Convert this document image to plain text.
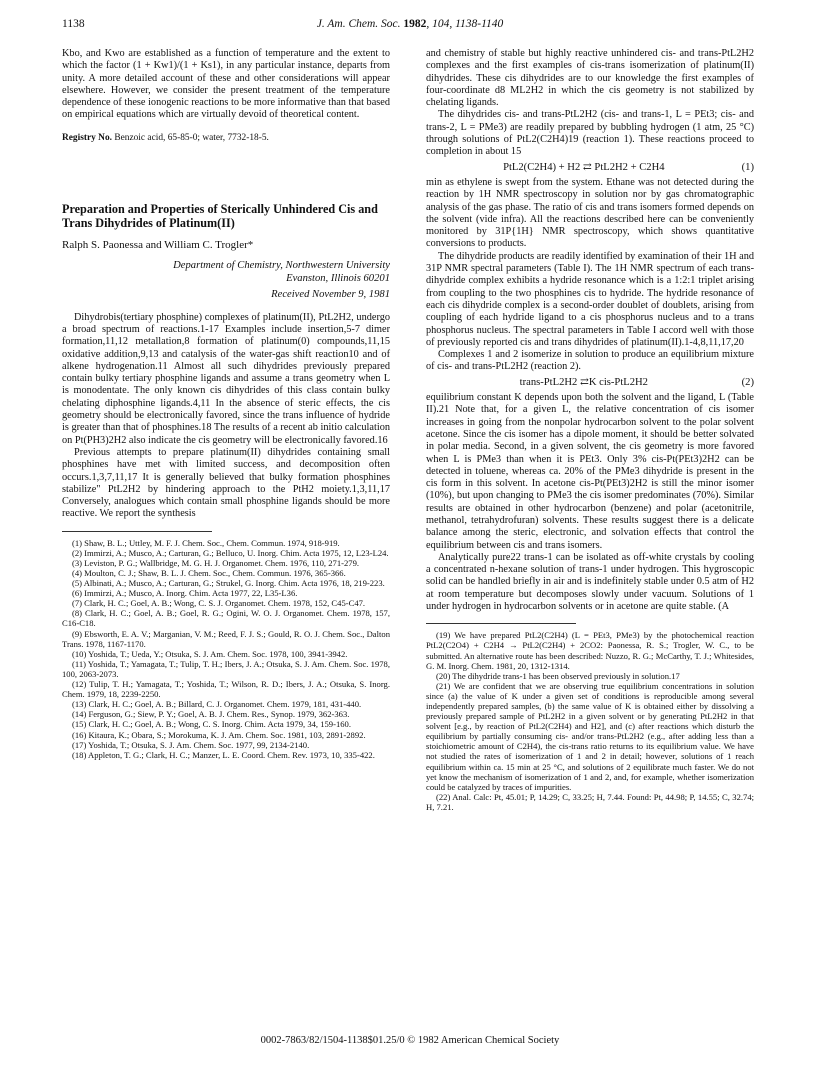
1138	J. Am. Chem. Soc. 1982, 104, 1138-1140

Kbo, and Kwo are established as a function of temperature and the extent to which the factor (1 + Kw1)/(1 + Ks1), in any particular instance, departs from unity. A more detailed account of these and other considerations will appear elsewhere. However, we consider the present treatment of the temperature dependence of these ionogenic reactions to be more informative than that based on empirical equations which are virtually devoid of theoretical content.

Registry No. Benzoic acid, 65-85-0; water, 7732-18-5.

Preparation and Properties of Sterically Unhindered Cis and Trans Dihydrides of Platinum(II)
Ralph S. Paonessa and William C. Trogler*
Department of Chemistry, Northwestern University
Evanston, Illinois 60201
Received November 9, 1981

Dihydrobis(tertiary phosphine) complexes of platinum(II), PtL2H2, undergo a broad spectrum of reactions.1-17 Examples include insertion,5-7 dimer formation,11,12 metallation,8 formation of platinum(0) compounds,11,15 oxidative addition,9,13 and catalysis of the water-gas shift reaction10 and of alkene hydrogenation.11 Almost all such dihydrides previously prepared contain bulky tertiary phosphine ligands and assume a trans geometry when L is monodentate. The only known cis dihydrides of this class contain bulky chelating diphosphine ligands.4,11 In the absence of steric effects, the cis geometry should be electronically favored, since the trans influence of hydride is greater than that of phosphines.18 The results of a recent ab initio calculation on Pt(PH3)2H2 also indicate the cis geometry will be electronically favored.16

Previous attempts to prepare platinum(II) dihydrides containing small phosphines have met with limited success, and decomposition often occurs.1,3,7,11,17 It is generally believed that bulky formation phosphines stabilize" PtL2H2 by hindering approach to the PtH2 moiety.1,3,11,17 Conversely, analogues which contain small phosphine ligands should be more reactive. We report the synthesis

(1) Shaw, B. L.; Uttley, M. F. J. Chem. Soc., Chem. Commun. 1974, 918-919.
(2) Immirzi, A.; Musco, A.; Carturan, G.; Belluco, U. Inorg. Chim. Acta 1975, 12, L23-L24.
(3) Leviston, P. G.; Wallbridge, M. G. H. J. Organomet. Chem. 1976, 110, 271-279.
(4) Moulton, C. J.; Shaw, B. L. J. Chem. Soc., Chem. Commun. 1976, 365-366.
(5) Albinati, A.; Musco, A.; Carturan, G.; Strukel, G. Inorg. Chim. Acta 1976, 18, 219-223.
(6) Immirzi, A.; Musco, A. Inorg. Chim. Acta 1977, 22, L35-L36.
(7) Clark, H. C.; Goel, A. B.; Wong, C. S. J. Organomet. Chem. 1978, 152, C45-C47.
(8) Clark, H. C.; Goel, A. B.; Goel, R. G.; Ogini, W. O. J. Organomet. Chem. 1978, 157, C16-C18.
(9) Ebsworth, E. A. V.; Marganian, V. M.; Reed, F. J. S.; Gould, R. O. J. Chem. Soc., Dalton Trans. 1978, 1167-1170.
(10) Yoshida, T.; Ueda, Y.; Otsuka, S. J. Am. Chem. Soc. 1978, 100, 3941-3942.
(11) Yoshida, T.; Yamagata, T.; Tulip, T. H.; Ibers, J. A.; Otsuka, S. J. Am. Chem. Soc. 1978, 100, 2063-2073.
(12) Tulip, T. H.; Yamagata, T.; Yoshida, T.; Wilson, R. D.; Ibers, J. A.; Otsuka, S. Inorg. Chem. 1979, 18, 2239-2250.
(13) Clark, H. C.; Goel, A. B.; Billard, C. J. Organomet. Chem. 1979, 181, 431-440.
(14) Ferguson, G.; Siew, P. Y.; Goel, A. B. J. Chem. Res., Synop. 1979, 362-363.
(15) Clark, H. C.; Goel, A. B.; Wong, C. S. Inorg. Chim. Acta 1979, 34, 159-160.
(16) Kitaura, K.; Obara, S.; Morokuma, K. J. Am. Chem. Soc. 1981, 103, 2891-2892.
(17) Yoshida, T.; Otsuka, S. J. Am. Chem. Soc. 1977, 99, 2134-2140.
(18) Appleton, T. G.; Clark, H. C.; Manzer, L. E. Coord. Chem. Rev. 1973, 10, 335-422.

and chemistry of stable but highly reactive unhindered cis- and trans-PtL2H2 complexes and the first examples of cis-trans isomerization of platinum(II) dihydrides. These cis dihydrides are to our knowledge the first examples of four-coordinate d8 ML2H2 in which the cis geometry is not stabilized by chelating ligands.

The dihydrides cis- and trans-PtL2H2 (cis- and trans-1, L = PEt3; cis- and trans-2, L = PMe3) are readily prepared by bubbling hydrogen (1 atm, 25 °C) through solutions of PtL2(C2H4)19 (reaction 1). These reactions proceed to completion in about 15

PtL2(C2H4) + H2 ⇄ PtL2H2 + C2H4	(1)

min as ethylene is swept from the system. Ethane was not detected during the reaction by 1H NMR spectroscopy in solution nor by gas chromatographic analysis of the gas phase. The ratio of cis and trans isomers formed depends on the solvent (vide infra). All the reactions described here can be conveniently monitored by 31P{1H} NMR spectroscopy, which shows quantitative conversions to products.

The dihydride products are readily identified by examination of their 1H and 31P NMR spectral parameters (Table I). The 1H NMR spectrum of each trans-dihydride complex exhibits a hydride resonance which is a 1:2:1 triplet arising from coupling to the two phosphines cis to hydride. The hydride resonance of each cis dihydride complex is a second-order doublet of doublets, arising from coupling of each hydride ligand to a cis phosphorus nucleus and to a trans phosphorus nucleus. The spectral parameters in Table I accord well with those of previously reported cis and trans dihydrides of platinum(II).1-4,8,11,17,20

Complexes 1 and 2 isomerize in solution to produce an equilibrium mixture of cis- and trans-PtL2H2 (reaction 2).

trans-PtL2H2 ⇄K cis-PtL2H2	(2)

equilibrium constant K depends upon both the solvent and the ligand, L (Table II).21 Note that, for a given L, the relative concentration of cis isomer increases in going from the nonpolar hydrocarbon solvent to the polar solvent acetone. Since the cis isomer has a dipole moment, it should be better solvated in polar media. Second, in a given solvent, the cis geometry is more favored when L is PMe3 than when it is PEt3. Only 3% cis-Pt(PEt3)2H2 can be detected in toluene, whereas ca. 20% of the PMe3 dihydride is present in the cis form in this solvent. In acetone cis-Pt(PEt3)2H2 is still the minor isomer (10%), but upon changing to PMe3 the cis isomer predominates (70%). Similar results are obtained in other hydrocarbon (benzene) and polar (acetonitrile, methanol, tetrahydrofuran) solvents. These results suggest there is a delicate balance among the steric, electronic, and solvation effects that control the equilibrium between cis and trans isomers.

Analytically pure22 trans-1 can be isolated as off-white crystals by cooling a concentrated n-hexane solution of trans-1 under hydrogen. This hygroscopic solid can be handled briefly in air and is indefinitely stable under 0.5 atm of H2 at room temperature but decomposes slowly under vacuum. Solutions of 1 under hydrogen in hydrocarbon solvents or in acetone are quite stable. (A

(19) We have prepared PtL2(C2H4) (L = PEt3, PMe3) by the photochemical reaction PtL2(C2O4) + C2H4 → PtL2(C2H4) + 2CO2: Paonessa, R. S.; Trogler, W. C., to be submitted. An alternative route has been described: Nuzzo, R. G.; McCarthy, T. J.; Whitesides, G. M. Inorg. Chem. 1981, 20, 1312-1314.
(20) The dihydride trans-1 has been observed previously in solution.17
(21) We are confident that we are observing true equilibrium concentrations in solution since (a) the value of K under a given set of conditions is reproducible among several independently prepared samples, (b) the same value of K is obtained either by dissolving a previously prepared sample of PtL2H2 in a given solvent or by generating PtL2H2 in that solvent [e.g., by reaction of PtL2(C2H4) and H2], and (c) after reactions which disturb the equilibrium by partially consuming cis- and/or trans-PtL2H2 (e.g., after adding less than a stoichiometric amount of C2H4), the cis-trans ratio returns to its equilibrium value. We have not studied the rates of isomerization of 1 and 2 in detail; however, solutions of 1 reach equilibrium within ca. 15 min at 25 °C, and solutions of 2 equilibrate much faster. We do not yet know the mechanism of isomerization of 1 and 2, and, for example, whether isomerization could be catalyzed by traces of impurities.
(22) Anal. Calc: Pt, 45.01; P, 14.29; C, 33.25; H, 7.44. Found: Pt, 44.98; P, 14.55; C, 32.74; H, 7.21.
0002-7863/82/1504-1138$01.25/0 © 1982 American Chemical Society
